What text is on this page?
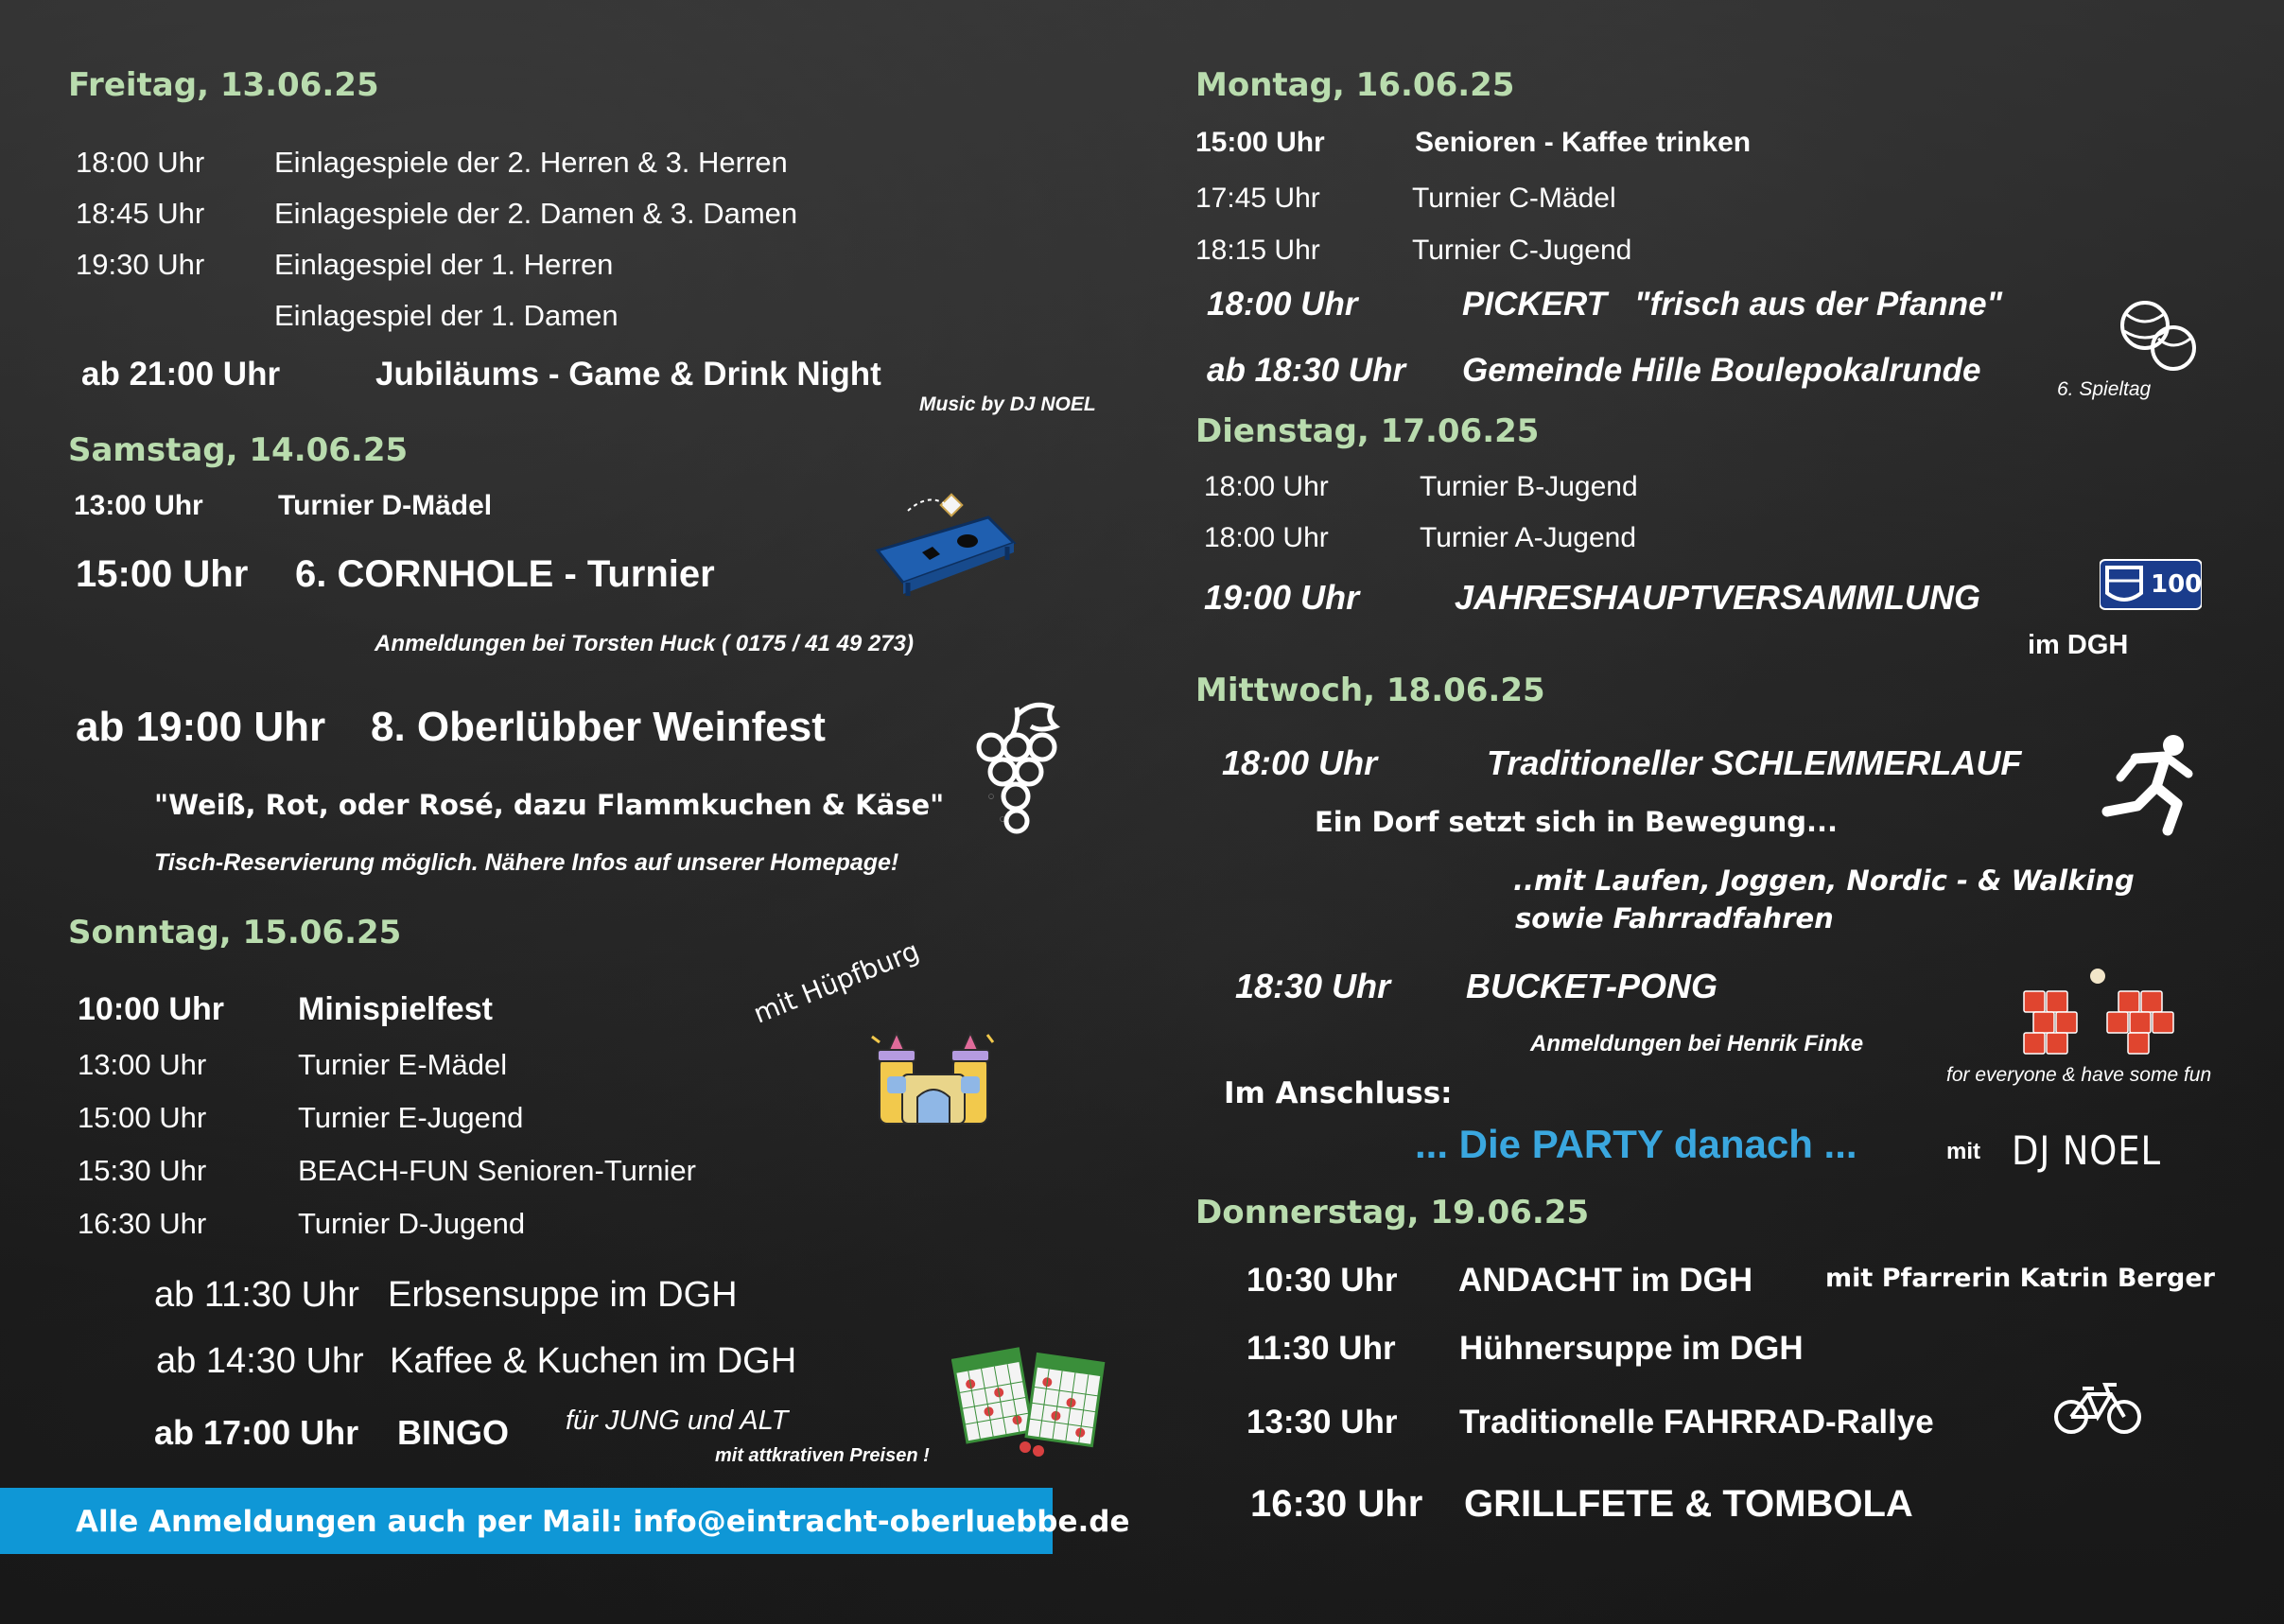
Freitag, 13.06.25
18:00 Uhr Einlagespiele der 2. Herren & 3. Herren
18:45 Uhr Einlagespiele der 2. Damen & 3. Damen
19:30 Uhr Einlagespiel der 1. Herren
Einlagespiel der 1. Damen
ab 21:00 Uhr	Jubiläums - Game & Drink Night
Music by DJ NOEL
Samstag, 14.06.25
13:00 Uhr	Turnier D-Mädel
15:00 Uhr 6. CORNHOLE - Turnier
Anmeldungen bei Torsten Huck ( 0175 / 41 49 273)
ab 19:00 Uhr 8. Oberlübber Weinfest
"Weiß, Rot, oder Rosé, dazu Flammkuchen & Käse"
Tisch-Reservierung möglich. Nähere Infos auf unserer Homepage!
Sonntag, 15.06.25
10:00 Uhr Minispielfest
13:00 Uhr	Turnier E-Mädel
15:00 Uhr	Turnier E-Jugend
15:30 Uhr	BEACH-FUN Senioren-Turnier
16:30 Uhr	Turnier D-Jugend
mit Hüpfburg
ab 11:30 Uhr Erbsensuppe im DGH
ab 14:30 Uhr Kaffee & Kuchen im DGH
ab 17:00 Uhr BINGO für JUNG und ALT
mit attkrativen Preisen !
Alle Anmeldungen auch per Mail: info@eintracht-oberluebbe.de
Montag, 16.06.25
15:00 Uhr	Senioren - Kaffee trinken
17:45 Uhr	Turnier C-Mädel
18:15 Uhr	Turnier C-Jugend
18:00 Uhr	PICKERT "frisch aus der Pfanne"
ab 18:30 Uhr Gemeinde Hille Boulepokalrunde
6. Spieltag
Dienstag, 17.06.25
18:00 Uhr	Turnier B-Jugend
18:00 Uhr	Turnier A-Jugend
19:00 Uhr	JAHRESHAUPTVERSAMMLUNG
im DGH
100
Mittwoch, 18.06.25
18:00 Uhr	Traditioneller SCHLEMMERLAUF
Ein Dorf setzt sich in Bewegung...
..mit Laufen, Joggen, Nordic - & Walking
sowie Fahrradfahren
18:30 Uhr BUCKET-PONG
Anmeldungen bei Henrik Finke
for everyone & have some fun
Im Anschluss:
... Die PARTY danach ...	mit DJ NOEL
Donnerstag, 19.06.25
10:30 Uhr ANDACHT im DGH	mit Pfarrerin Katrin Berger
11:30 Uhr Hühnersuppe im DGH
13:30 Uhr Traditionelle FAHRRAD-Rallye
16:30 Uhr GRILLFETE & TOMBOLA
